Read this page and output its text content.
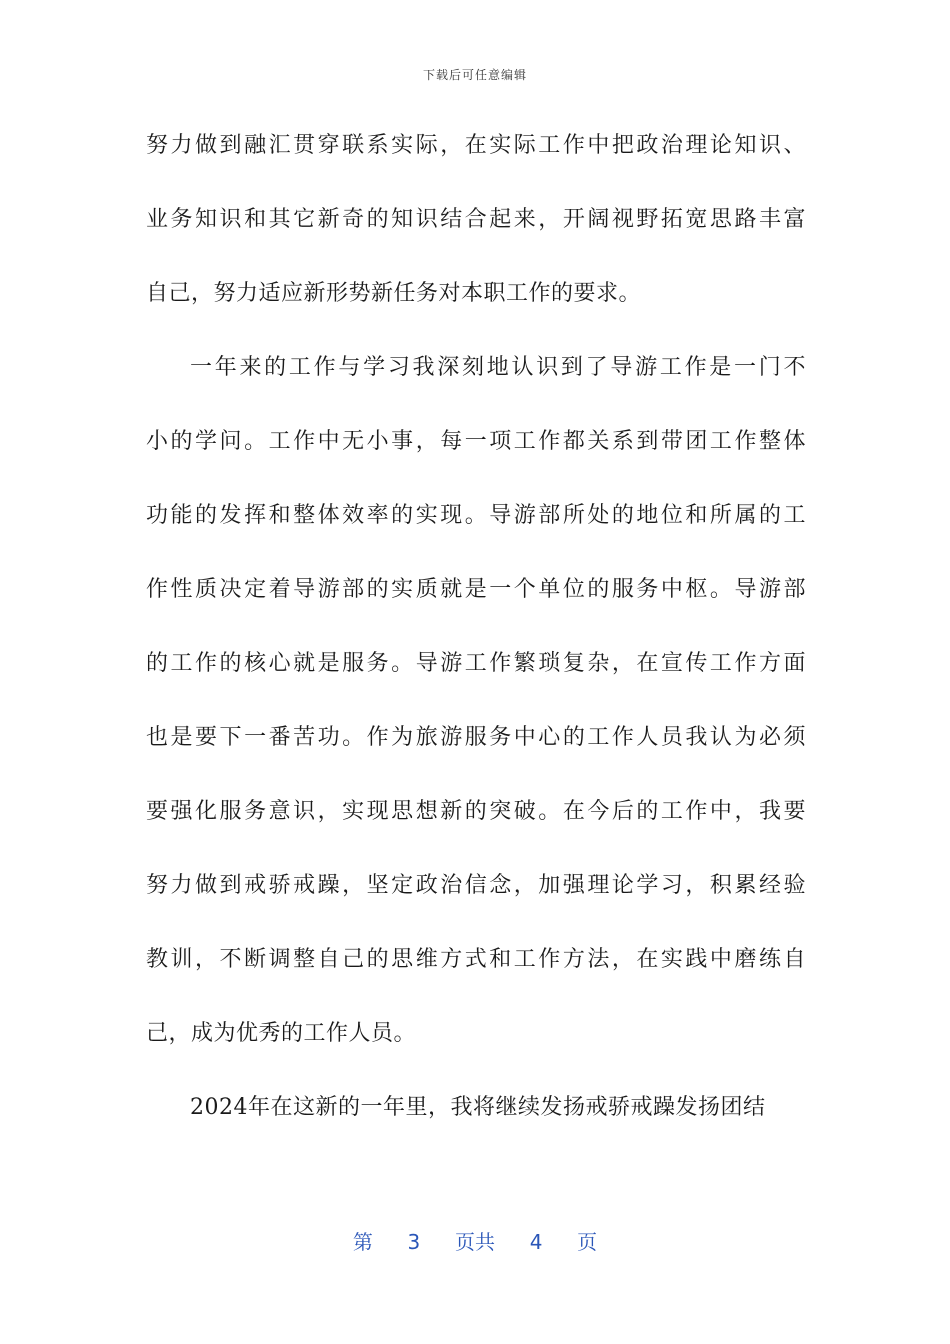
下载后可任意编辑
努力做到融汇贯穿联系实际，在实际工作中把政治理论知识、
业务知识和其它新奇的知识结合起来，开阔视野拓宽思路丰富
自己，努力适应新形势新任务对本职工作的要求。
一年来的工作与学习我深刻地认识到了导游工作是一门不
小的学问。工作中无小事，每一项工作都关系到带团工作整体
功能的发挥和整体效率的实现。导游部所处的地位和所属的工
作性质决定着导游部的实质就是一个单位的服务中枢。导游部
的工作的核心就是服务。导游工作繁琐复杂，在宣传工作方面
也是要下一番苦功。作为旅游服务中心的工作人员我认为必须
要强化服务意识，实现思想新的突破。在今后的工作中，我要
努力做到戒骄戒躁，坚定政治信念，加强理论学习，积累经验
教训，不断调整自己的思维方式和工作方法，在实践中磨练自
己，成为优秀的工作人员。
2024年在这新的一年里，我将继续发扬戒骄戒躁发扬团结
第 3 页共 4 页
